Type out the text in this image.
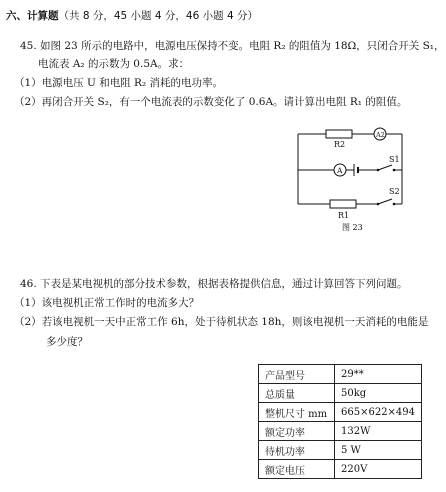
六、计算题（共 8 分，45 小题 4 分，46 小题 4 分）
45. 如图 23 所示的电路中，电源电压保持不变。电阻 R₂ 的阻值为 18Ω，只闭合开关 S₁，
电流表 A₂ 的示数为 0.5A。求：
（1）电源电压 U 和电阻 R₂ 消耗的电功率。
（2）再闭合开关 S₂，有一个电流表的示数变化了 0.6A。请计算出电阻 R₁ 的阻值。
R2
A2
A
S1
S2
R1
图 23
46. 下表是某电视机的部分技术参数，根据表格提供信息，通过计算回答下列问题。
（1）该电视机正常工作时的电流多大？
（2）若该电视机一天中正常工作 6h，处于待机状态 18h，则该电视机一天消耗的电能是
多少度？
产品型号	29**
总质量	50kg
整机尺寸 mm	665×622×494
额定功率	132W
待机功率	5 W
额定电压	220V
